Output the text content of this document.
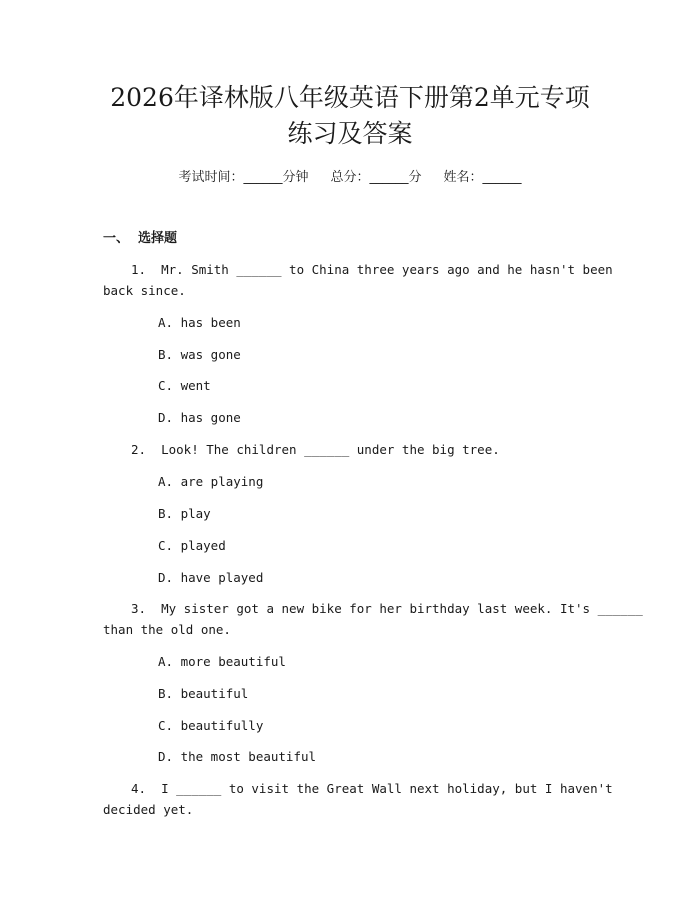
2026年译林版八年级英语下册第2单元专项
练习及答案
考试时间：______分钟 总分：______分 姓名：______
一、  选择题
1.  Mr. Smith ______ to China three years ago and he hasn't been
back since.
A. has been
B. was gone
C. went
D. has gone
2.  Look! The children ______ under the big tree.
A. are playing
B. play
C. played
D. have played
3.  My sister got a new bike for her birthday last week. It's ______
than the old one.
A. more beautiful
B. beautiful
C. beautifully
D. the most beautiful
4.  I ______ to visit the Great Wall next holiday, but I haven't
decided yet.
